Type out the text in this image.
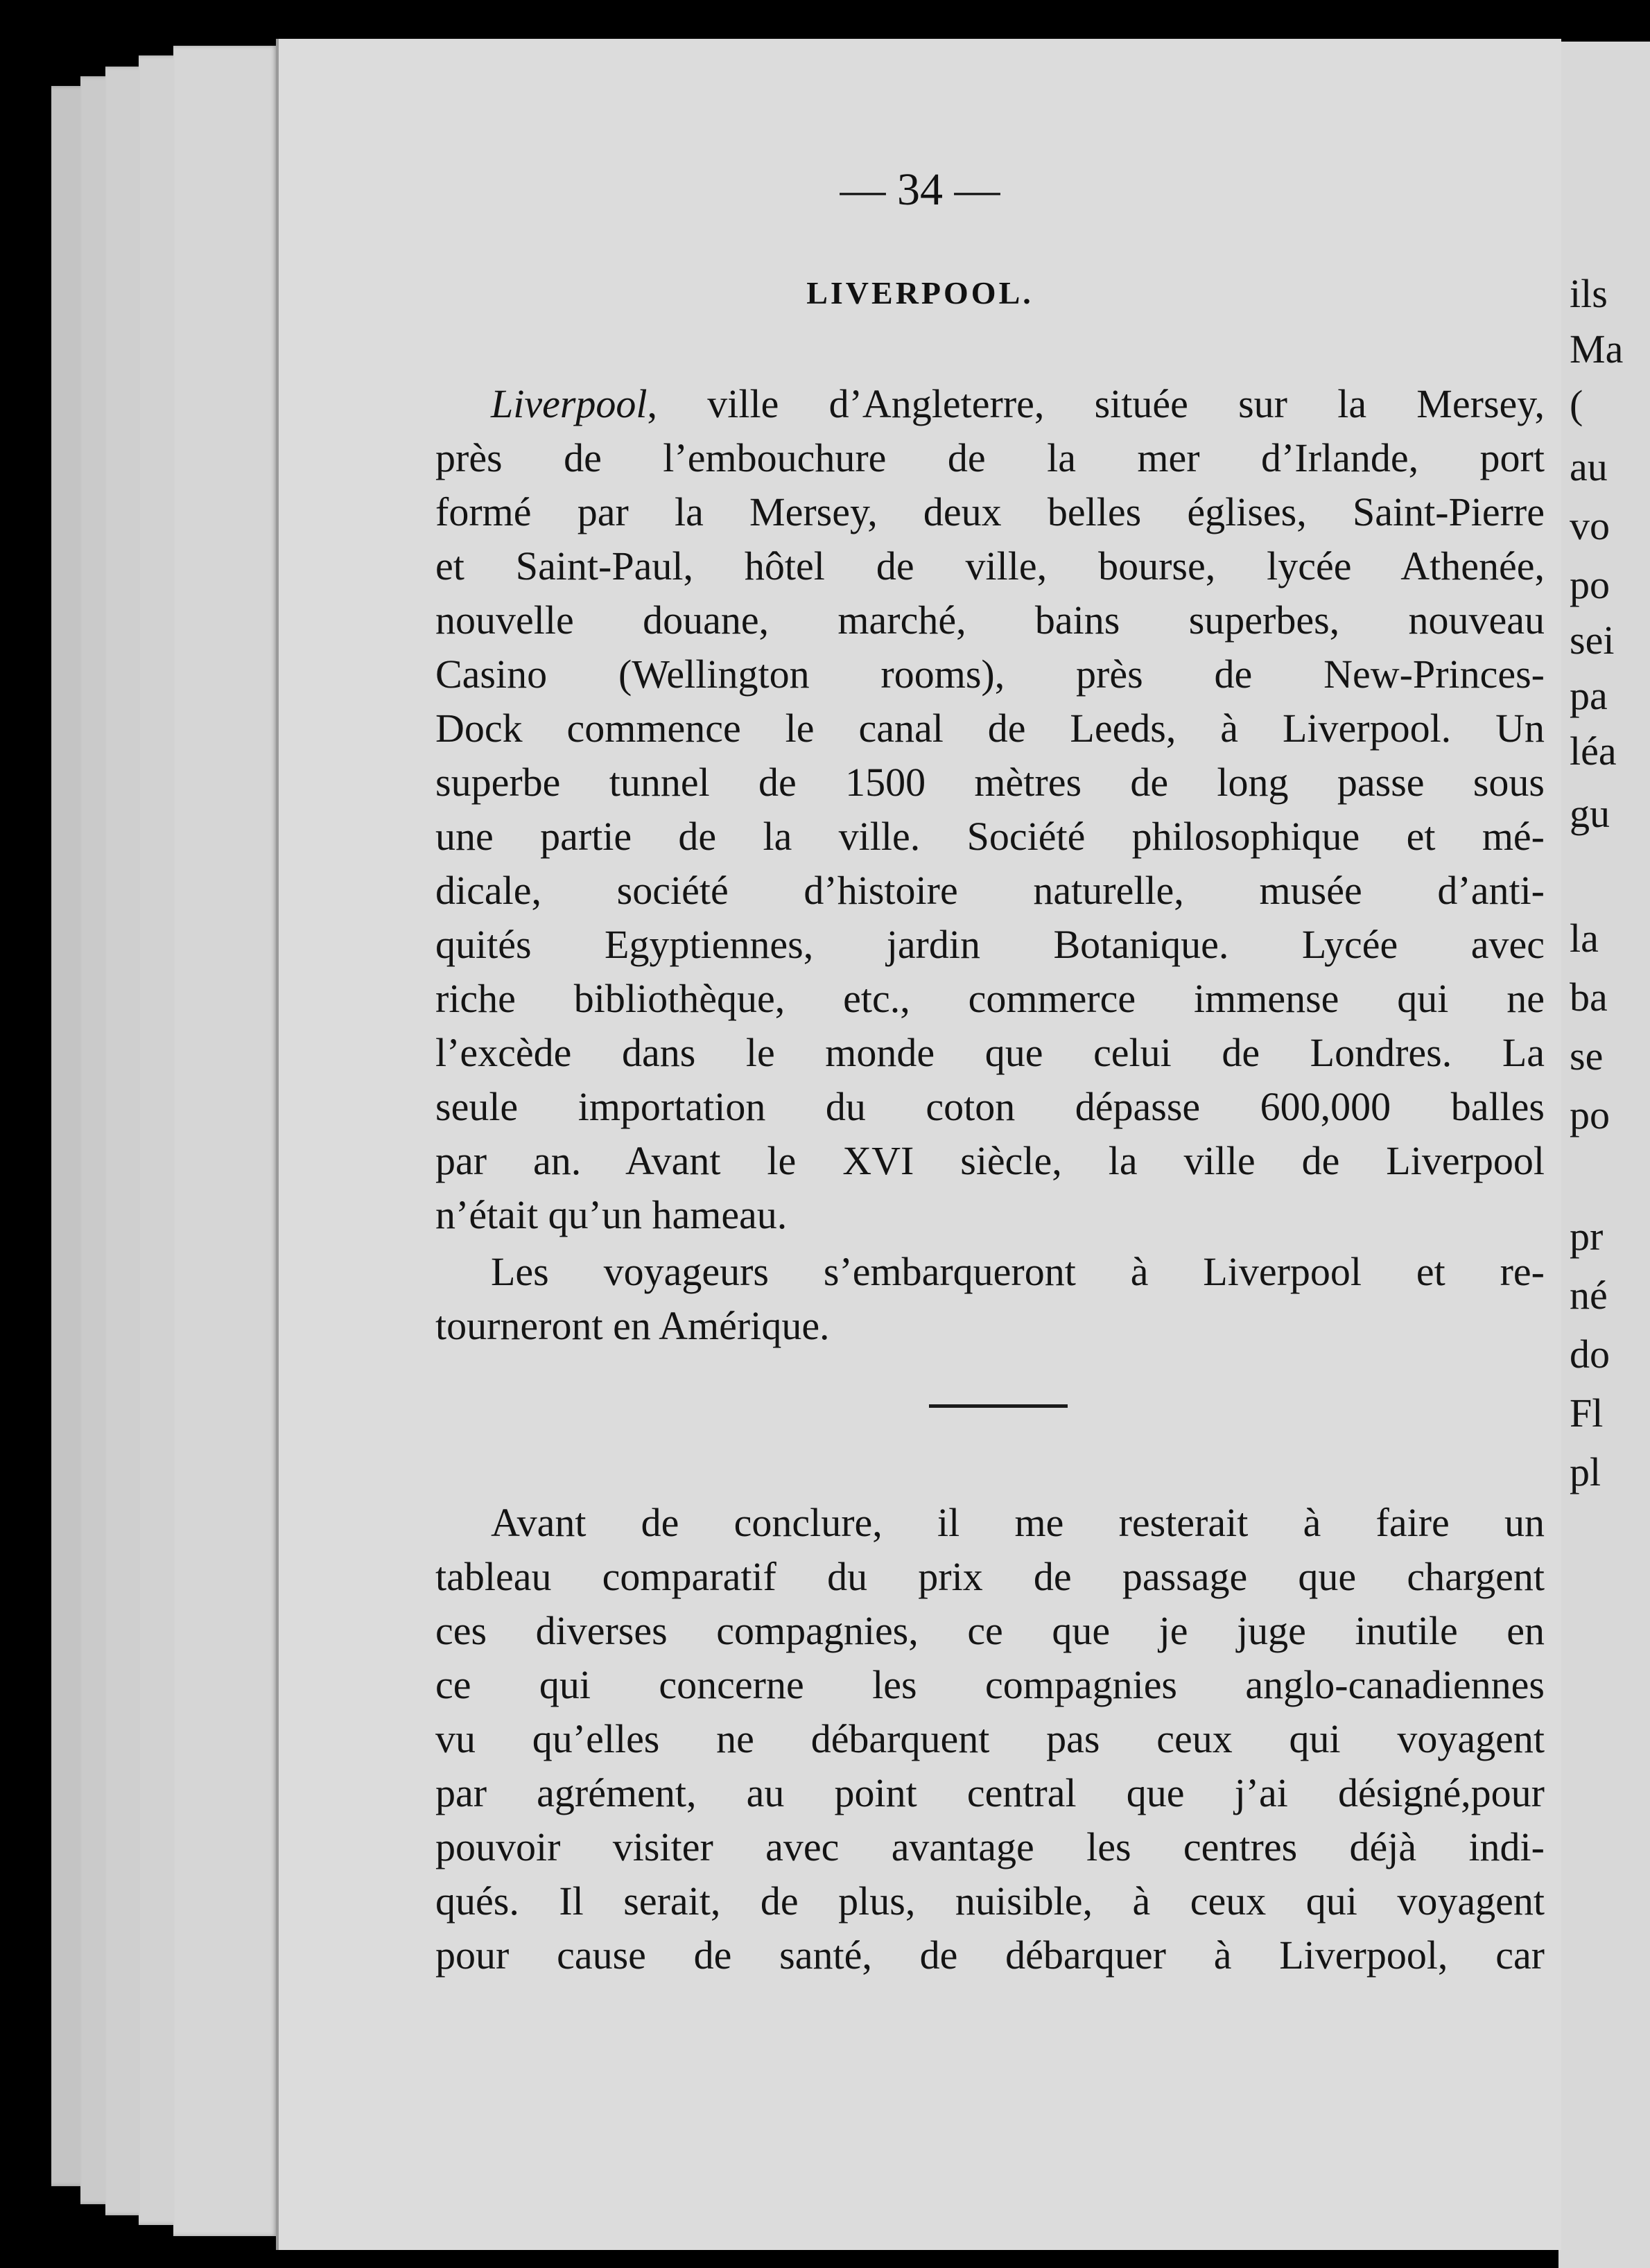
ils
Ma
(
au
vo
po
sei
pa
léa
gu
la
ba
se
po
pr
né
do
Fl
pl
— 34 —
LIVERPOOL.

Liverpool, ville d’Angleterre, située sur la Mersey,

près de l’embouchure de la mer d’Irlande, port

formé par la Mersey, deux belles églises, Saint-Pierre

et Saint-Paul, hôtel de ville, bourse, lycée Athenée,

nouvelle douane, marché, bains superbes, nouveau

Casino (Wellington rooms), près de New-Princes-

Dock commence le canal de Leeds, à Liverpool. Un

superbe tunnel de 1500 mètres de long passe sous

une partie de la ville. Société philosophique et mé-

dicale, société d’histoire naturelle, musée d’anti-

quités Egyptiennes, jardin Botanique. Lycée avec

riche bibliothèque, etc., commerce immense qui ne

l’excède dans le monde que celui de Londres. La

seule importation du coton dépasse 600,000 balles

par an. Avant le XVI siècle, la ville de Liverpool

n’était qu’un hameau.

Les voyageurs s’embarqueront à Liverpool et re-

tourneront en Amérique.

Avant de conclure, il me resterait à faire un

tableau comparatif du prix de passage que chargent

ces diverses compagnies, ce que je juge inutile en

ce qui concerne les compagnies anglo-canadiennes

vu qu’elles ne débarquent pas ceux qui voyagent

par agrément, au point central que j’ai désigné,pour

pouvoir visiter avec avantage les centres déjà indi-

qués. Il serait, de plus, nuisible, à ceux qui voyagent

pour cause de santé, de débarquer à Liverpool, car
